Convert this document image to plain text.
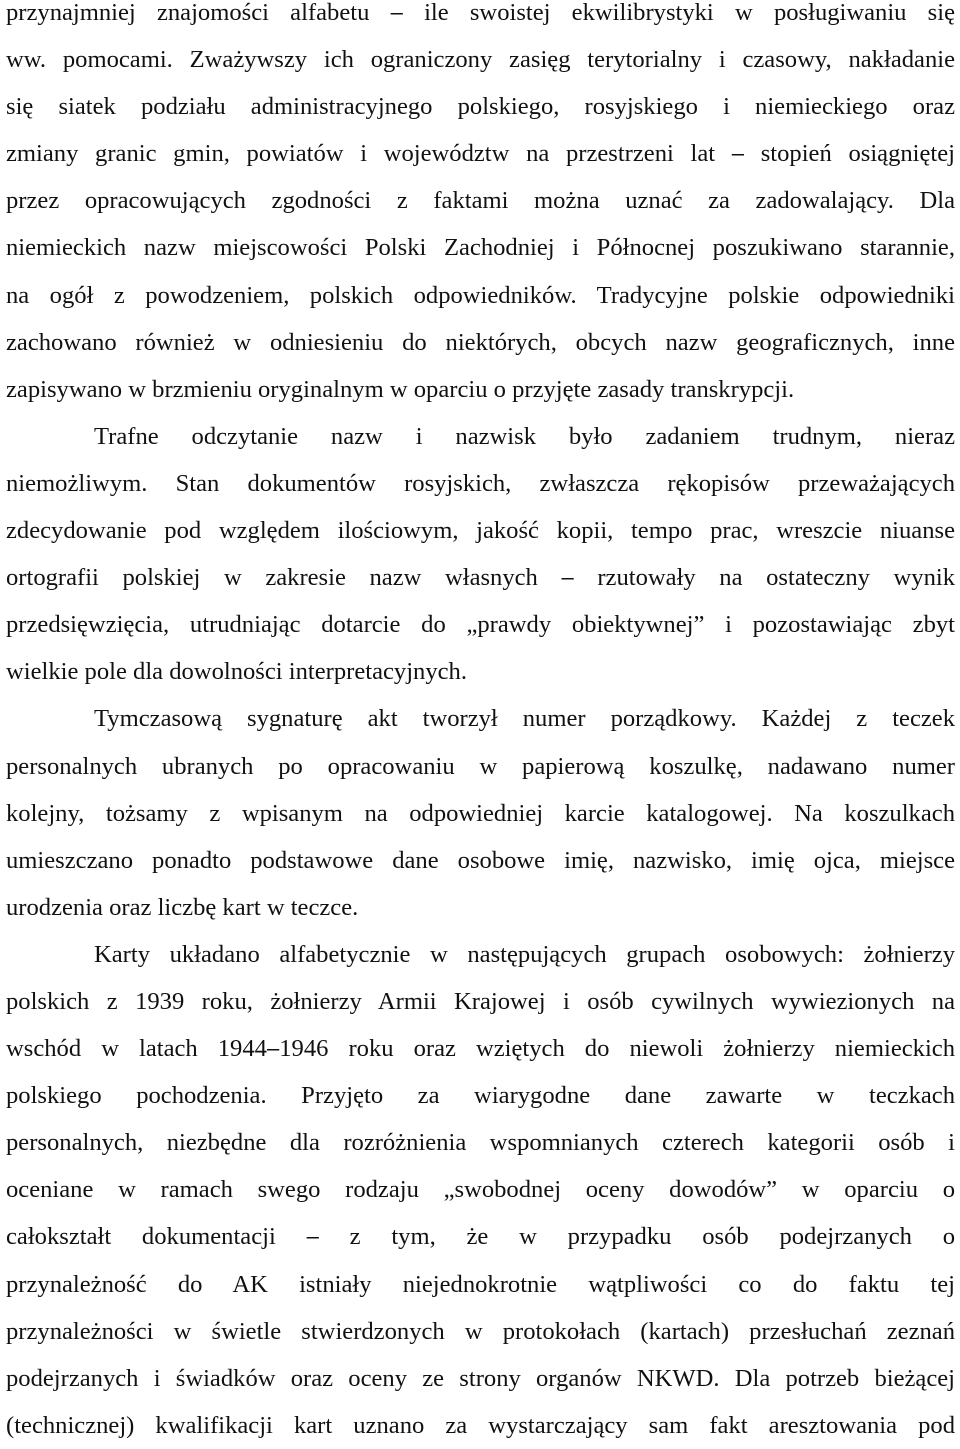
przynajmniej znajomości alfabetu ⎯ ile swoistej ekwilibrystyki w posługiwaniu się
ww. pomocami. Zważywszy ich ograniczony zasięg terytorialny i czasowy, nakładanie
się siatek podziału administracyjnego polskiego, rosyjskiego i niemieckiego oraz
zmiany granic gmin, powiatów i województw na przestrzeni lat ⎯ stopień osiągniętej
przez opracowujących zgodności z faktami można uznać za zadowalający. Dla
niemieckich nazw miejscowości Polski Zachodniej i Północnej poszukiwano starannie,
na ogół z powodzeniem, polskich odpowiedników. Tradycyjne polskie odpowiedniki
zachowano również w odniesieniu do niektórych, obcych nazw geograficznych, inne
zapisywano w brzmieniu oryginalnym w oparciu o przyjęte zasady transkrypcji.
Trafne odczytanie nazw i nazwisk było zadaniem trudnym, nieraz
niemożliwym. Stan dokumentów rosyjskich, zwłaszcza rękopisów przeważających
zdecydowanie pod względem ilościowym, jakość kopii, tempo prac, wreszcie niuanse
ortografii polskiej w zakresie nazw własnych ⎯ rzutowały na ostateczny wynik
przedsięwzięcia, utrudniając dotarcie do „prawdy obiektywnej” i pozostawiając zbyt
wielkie pole dla dowolności interpretacyjnych.
Tymczasową sygnaturę akt tworzył numer porządkowy. Każdej z teczek
personalnych ubranych po opracowaniu w papierową koszulkę, nadawano numer
kolejny, tożsamy z wpisanym na odpowiedniej karcie katalogowej. Na koszulkach
umieszczano ponadto podstawowe dane osobowe imię, nazwisko, imię ojca, miejsce
urodzenia oraz liczbę kart w teczce.
Karty układano alfabetycznie w następujących grupach osobowych: żołnierzy
polskich z 1939 roku, żołnierzy Armii Krajowej i osób cywilnych wywiezionych na
wschód w latach 1944⎯1946 roku oraz wziętych do niewoli żołnierzy niemieckich
polskiego pochodzenia. Przyjęto za wiarygodne dane zawarte w teczkach
personalnych, niezbędne dla rozróżnienia wspomnianych czterech kategorii osób i
oceniane w ramach swego rodzaju „swobodnej oceny dowodów” w oparciu o
całokształt dokumentacji ⎯ z tym, że w przypadku osób podejrzanych o
przynależność do AK istniały niejednokrotnie wątpliwości co do faktu tej
przynależności w świetle stwierdzonych w protokołach (kartach) przesłuchań zeznań
podejrzanych i świadków oraz oceny ze strony organów NKWD. Dla potrzeb bieżącej
(technicznej) kwalifikacji kart uznano za wystarczający sam fakt aresztowania pod
